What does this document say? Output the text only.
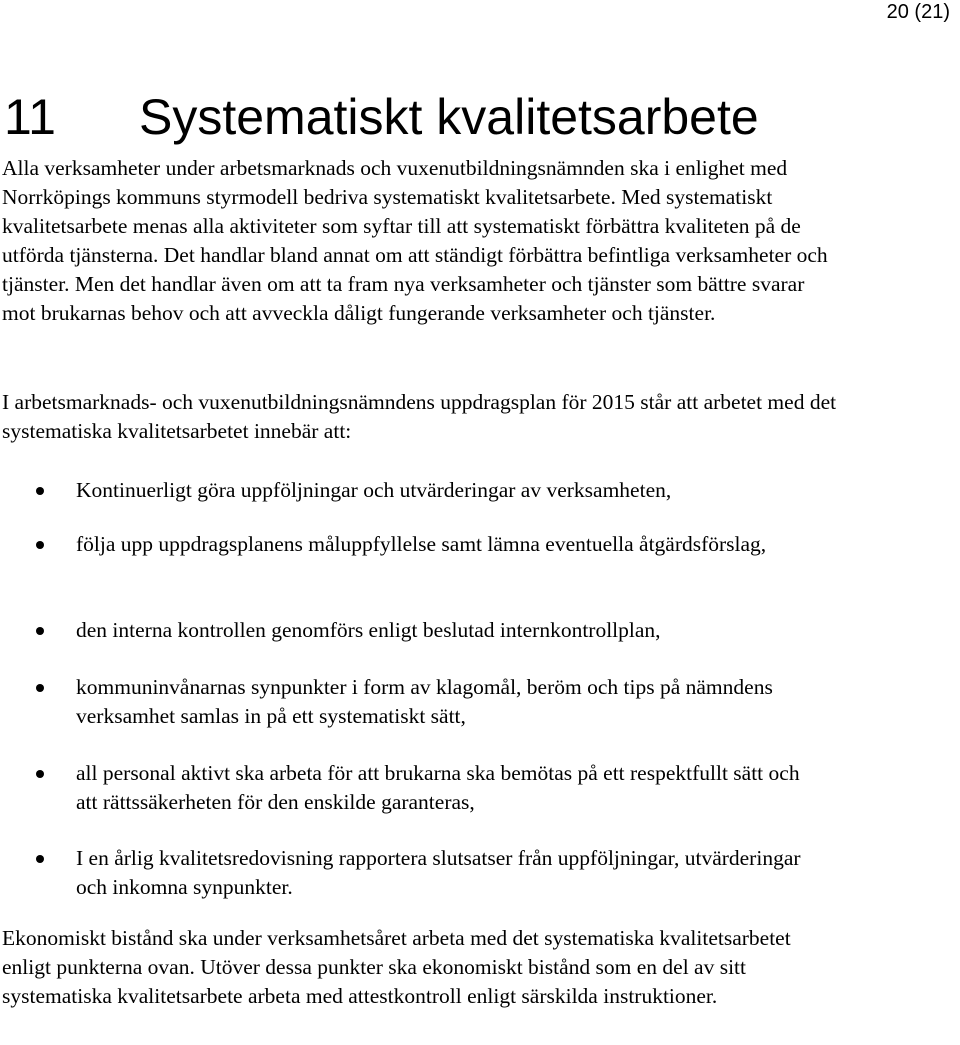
20 (21)
11 Systematiskt kvalitetsarbete

Alla verksamheter under arbetsmarknads och vuxenutbildningsnämnden ska i enlighet med Norrköpings kommuns styrmodell bedriva systematiskt kvalitetsarbete. Med systematiskt kvalitetsarbete menas alla aktiviteter som syftar till att systematiskt förbättra kvaliteten på de utförda tjänsterna. Det handlar bland annat om att ständigt förbättra befintliga verksamheter och tjänster. Men det handlar även om att ta fram nya verksamheter och tjänster som bättre svarar mot brukarnas behov och att avveckla dåligt fungerande verksamheter och tjänster.

I arbetsmarknads- och vuxenutbildningsnämndens uppdragsplan för 2015 står att arbetet med det systematiska kvalitetsarbetet innebär att:

Kontinuerligt göra uppföljningar och utvärderingar av verksamheten,
följa upp uppdragsplanens måluppfyllelse samt lämna eventuella åtgärdsförslag,
den interna kontrollen genomförs enligt beslutad internkontrollplan,
kommuninvånarnas synpunkter i form av klagomål, beröm och tips på nämndens verksamhet samlas in på ett systematiskt sätt,
all personal aktivt ska arbeta för att brukarna ska bemötas på ett respektfullt sätt och att rättssäkerheten för den enskilde garanteras,
I en årlig kvalitetsredovisning rapportera slutsatser från uppföljningar, utvärderingar och inkomna synpunkter.

Ekonomiskt bistånd ska under verksamhetsåret arbeta med det systematiska kvalitetsarbetet enligt punkterna ovan. Utöver dessa punkter ska ekonomiskt bistånd som en del av sitt systematiska kvalitetsarbete arbeta med attestkontroll enligt särskilda instruktioner.
